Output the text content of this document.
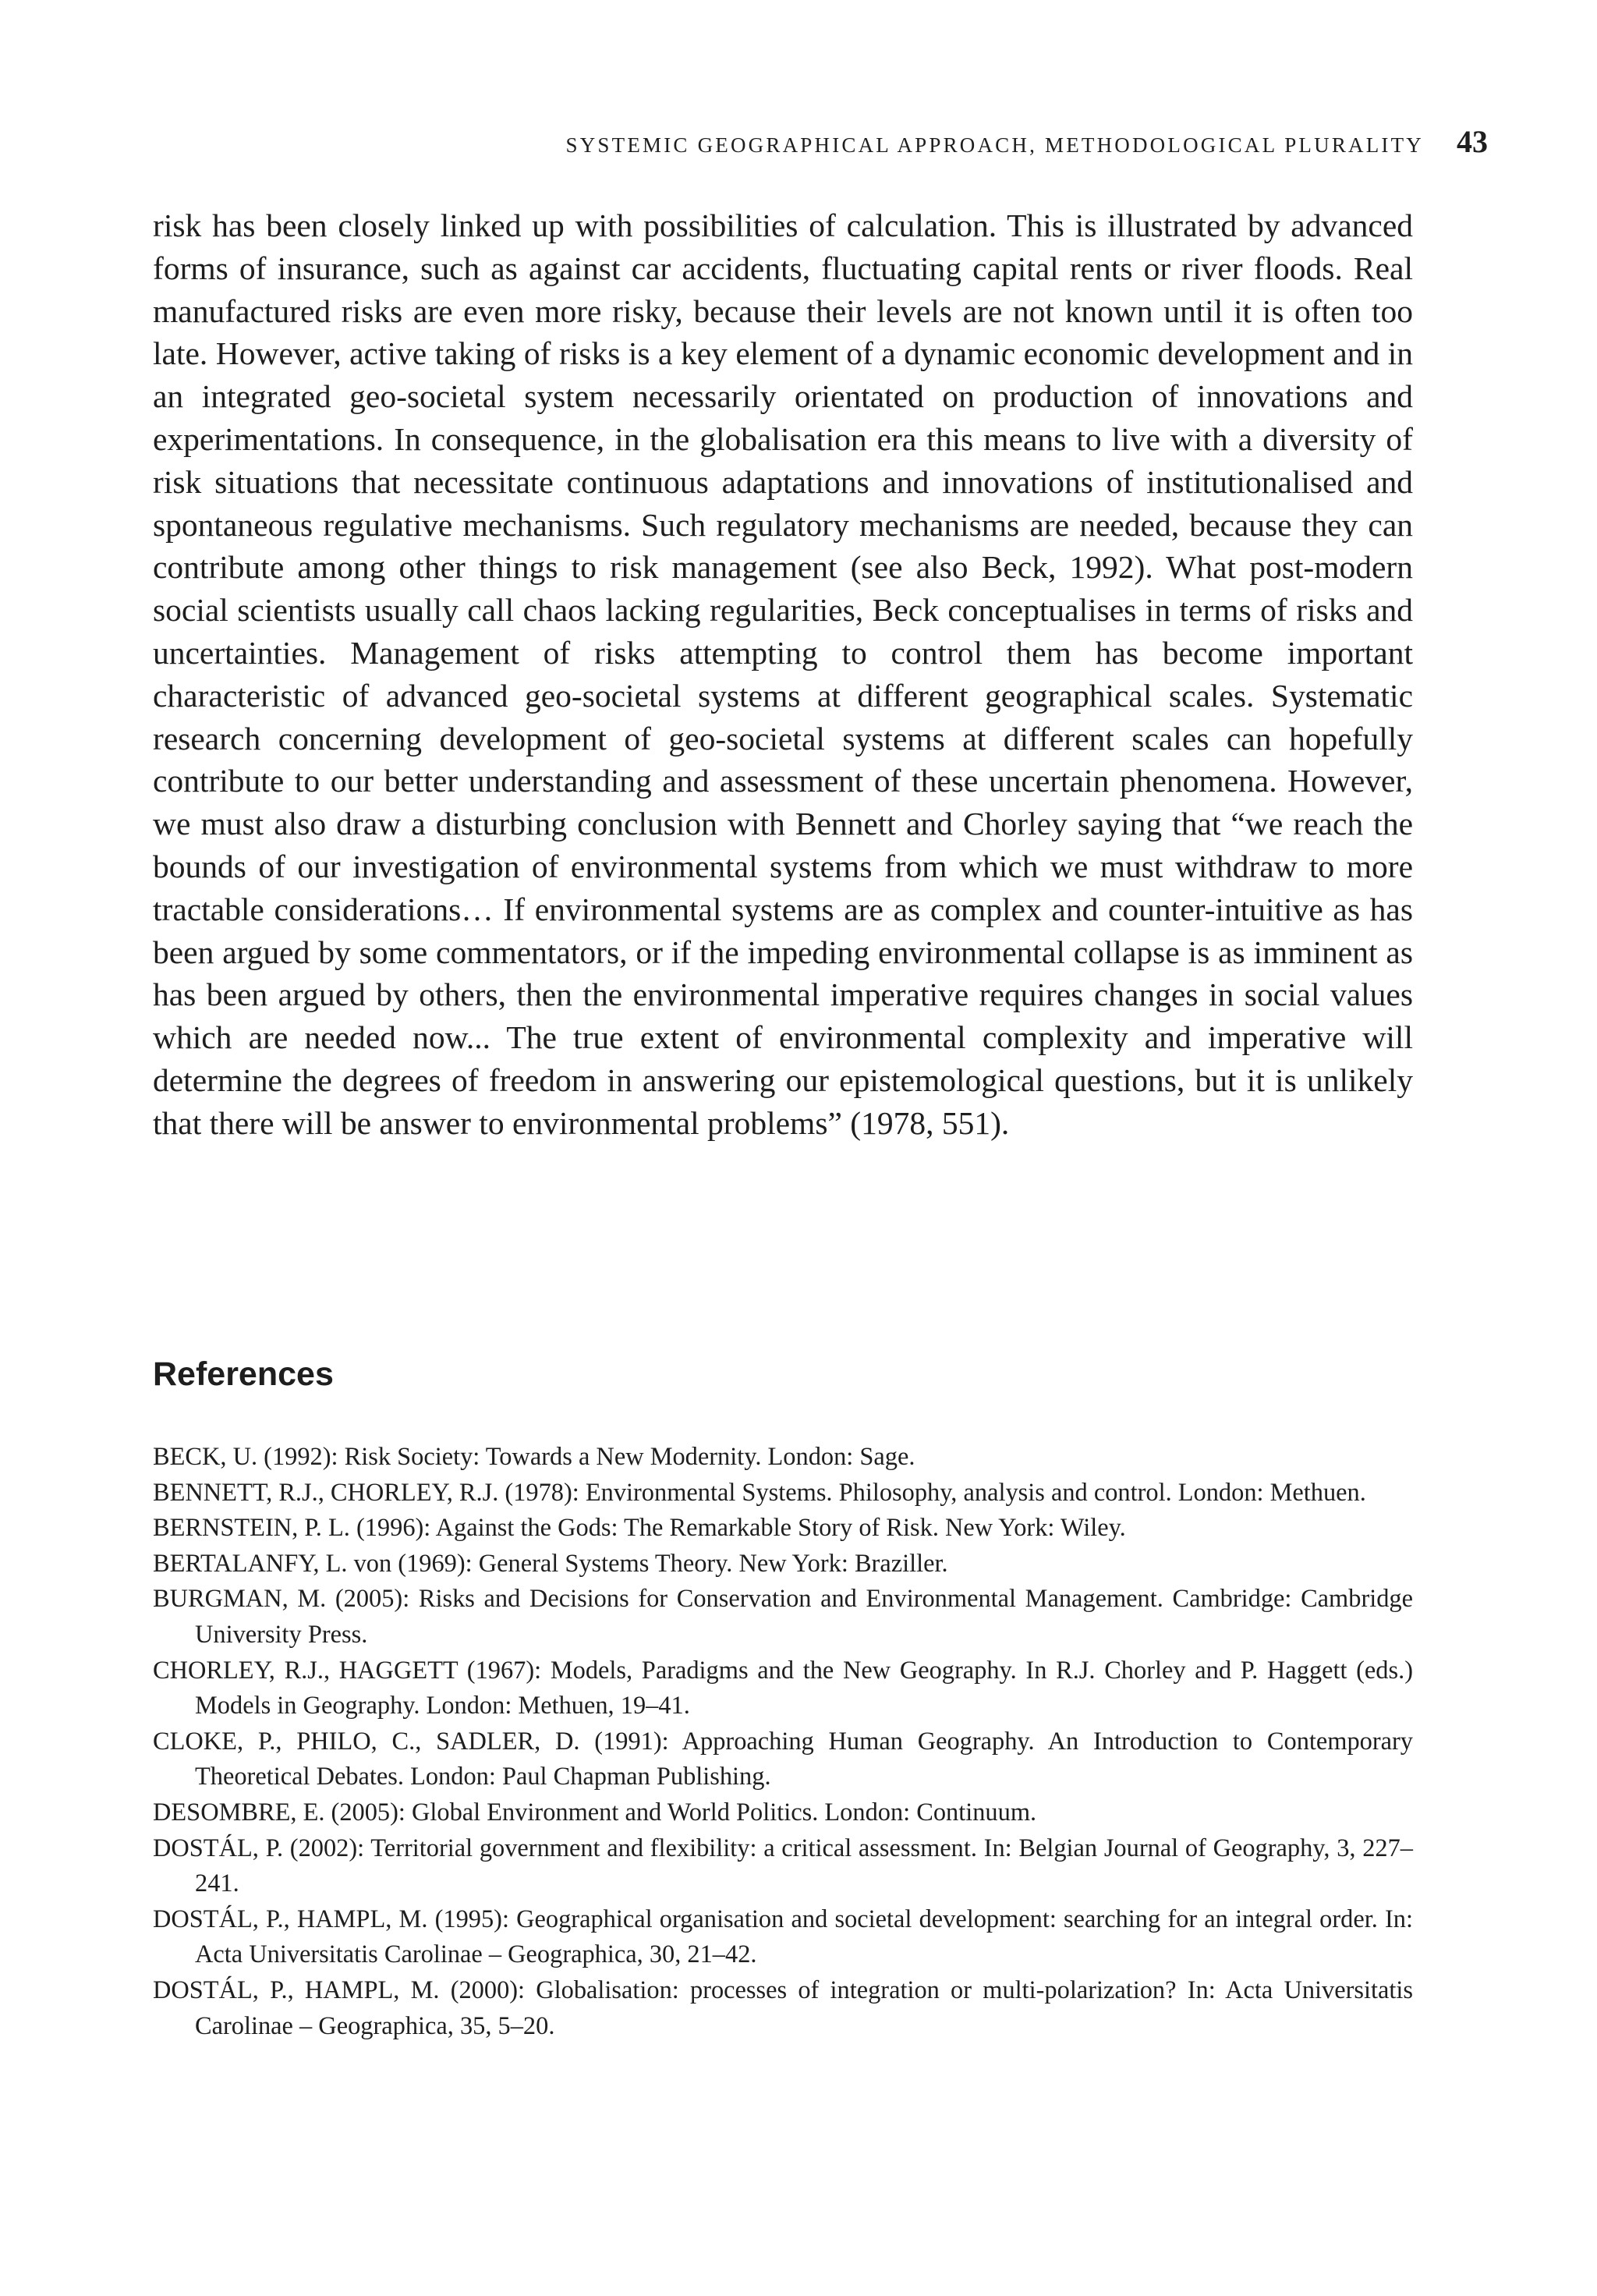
SYSTEMIC GEOGRAPHICAL APPROACH, METHODOLOGICAL PLURALITY 43

risk has been closely linked up with possibilities of calculation. This is illustrated by advanced forms of insurance, such as against car accidents, fluctuating capital rents or river floods. Real manufactured risks are even more risky, because their levels are not known until it is often too late. However, active taking of risks is a key element of a dynamic economic development and in an integrated geo-societal system necessarily orientated on production of innovations and experimentations. In consequence, in the globalisation era this means to live with a diversity of risk situations that necessitate continuous adaptations and innovations of institutionalised and spontaneous regulative mechanisms. Such regulatory mechanisms are needed, because they can contribute among other things to risk management (see also Beck, 1992). What post-modern social scientists usually call chaos lacking regularities, Beck conceptualises in terms of risks and uncertainties. Management of risks attempting to control them has become important characteristic of advanced geo-societal systems at different geographical scales. Systematic research concerning development of geo-societal systems at different scales can hopefully contribute to our better understanding and assessment of these uncertain phenomena. However, we must also draw a disturbing conclusion with Bennett and Chorley saying that “we reach the bounds of our investigation of environmental systems from which we must withdraw to more tractable considerations… If environmental systems are as complex and counter-intuitive as has been argued by some commentators, or if the impeding environmental collapse is as imminent as has been argued by others, then the environmental imperative requires changes in social values which are needed now... The true extent of environmental complexity and imperative will determine the degrees of freedom in answering our epistemological questions, but it is unlikely that there will be answer to environmental problems” (1978, 551).

References
BECK, U. (1992): Risk Society: Towards a New Modernity. London: Sage.
BENNETT, R.J., CHORLEY, R.J. (1978): Environmental Systems. Philosophy, analysis and control. London: Methuen.
BERNSTEIN, P. L. (1996): Against the Gods: The Remarkable Story of Risk. New York: Wiley.
BERTALANFY, L. von (1969): General Systems Theory. New York: Braziller.
BURGMAN, M. (2005): Risks and Decisions for Conservation and Environmental Management. Cambridge: Cambridge University Press.
CHORLEY, R.J., HAGGETT (1967): Models, Paradigms and the New Geography. In R.J. Chorley and P. Haggett (eds.) Models in Geography. London: Methuen, 19–41.
CLOKE, P., PHILO, C., SADLER, D. (1991): Approaching Human Geography. An Introduction to Contemporary Theoretical Debates. London: Paul Chapman Publishing.
DESOMBRE, E. (2005): Global Environment and World Politics. London: Continuum.
DOSTÁL, P. (2002): Territorial government and flexibility: a critical assessment. In: Belgian Journal of Geography, 3, 227–241.
DOSTÁL, P., HAMPL, M. (1995): Geographical organisation and societal development: searching for an integral order. In: Acta Universitatis Carolinae – Geographica, 30, 21–42.
DOSTÁL, P., HAMPL, M. (2000): Globalisation: processes of integration or multi-polarization? In: Acta Universitatis Carolinae – Geographica, 35, 5–20.
